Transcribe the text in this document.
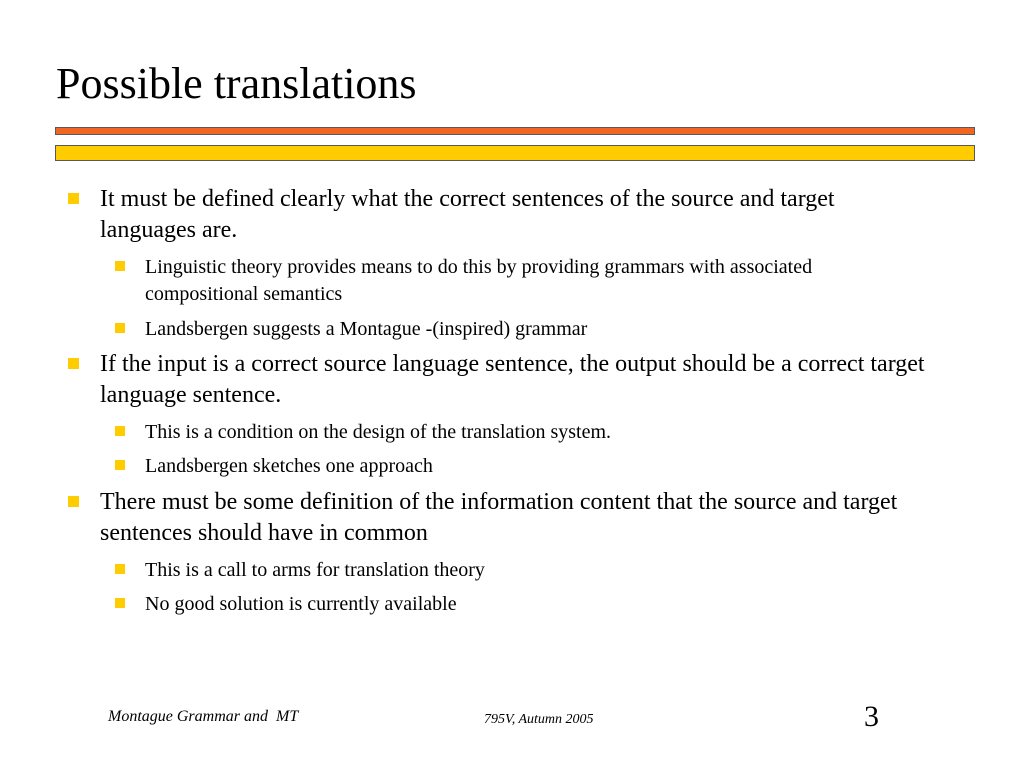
Possible translations
It must be defined clearly what the correct sentences of the source and target languages are.
Linguistic theory provides means to do this by providing grammars with associated compositional semantics
Landsbergen suggests a Montague -(inspired) grammar
If the input is a correct source language sentence, the output should be a correct target language sentence.
This is a condition on the design of the translation system.
Landsbergen sketches one approach
There must be some definition of the information content that the source and target sentences should have in common
This is a call to arms for translation theory
No good solution is currently available
Montague Grammar and  MT	795V, Autumn 2005	3
